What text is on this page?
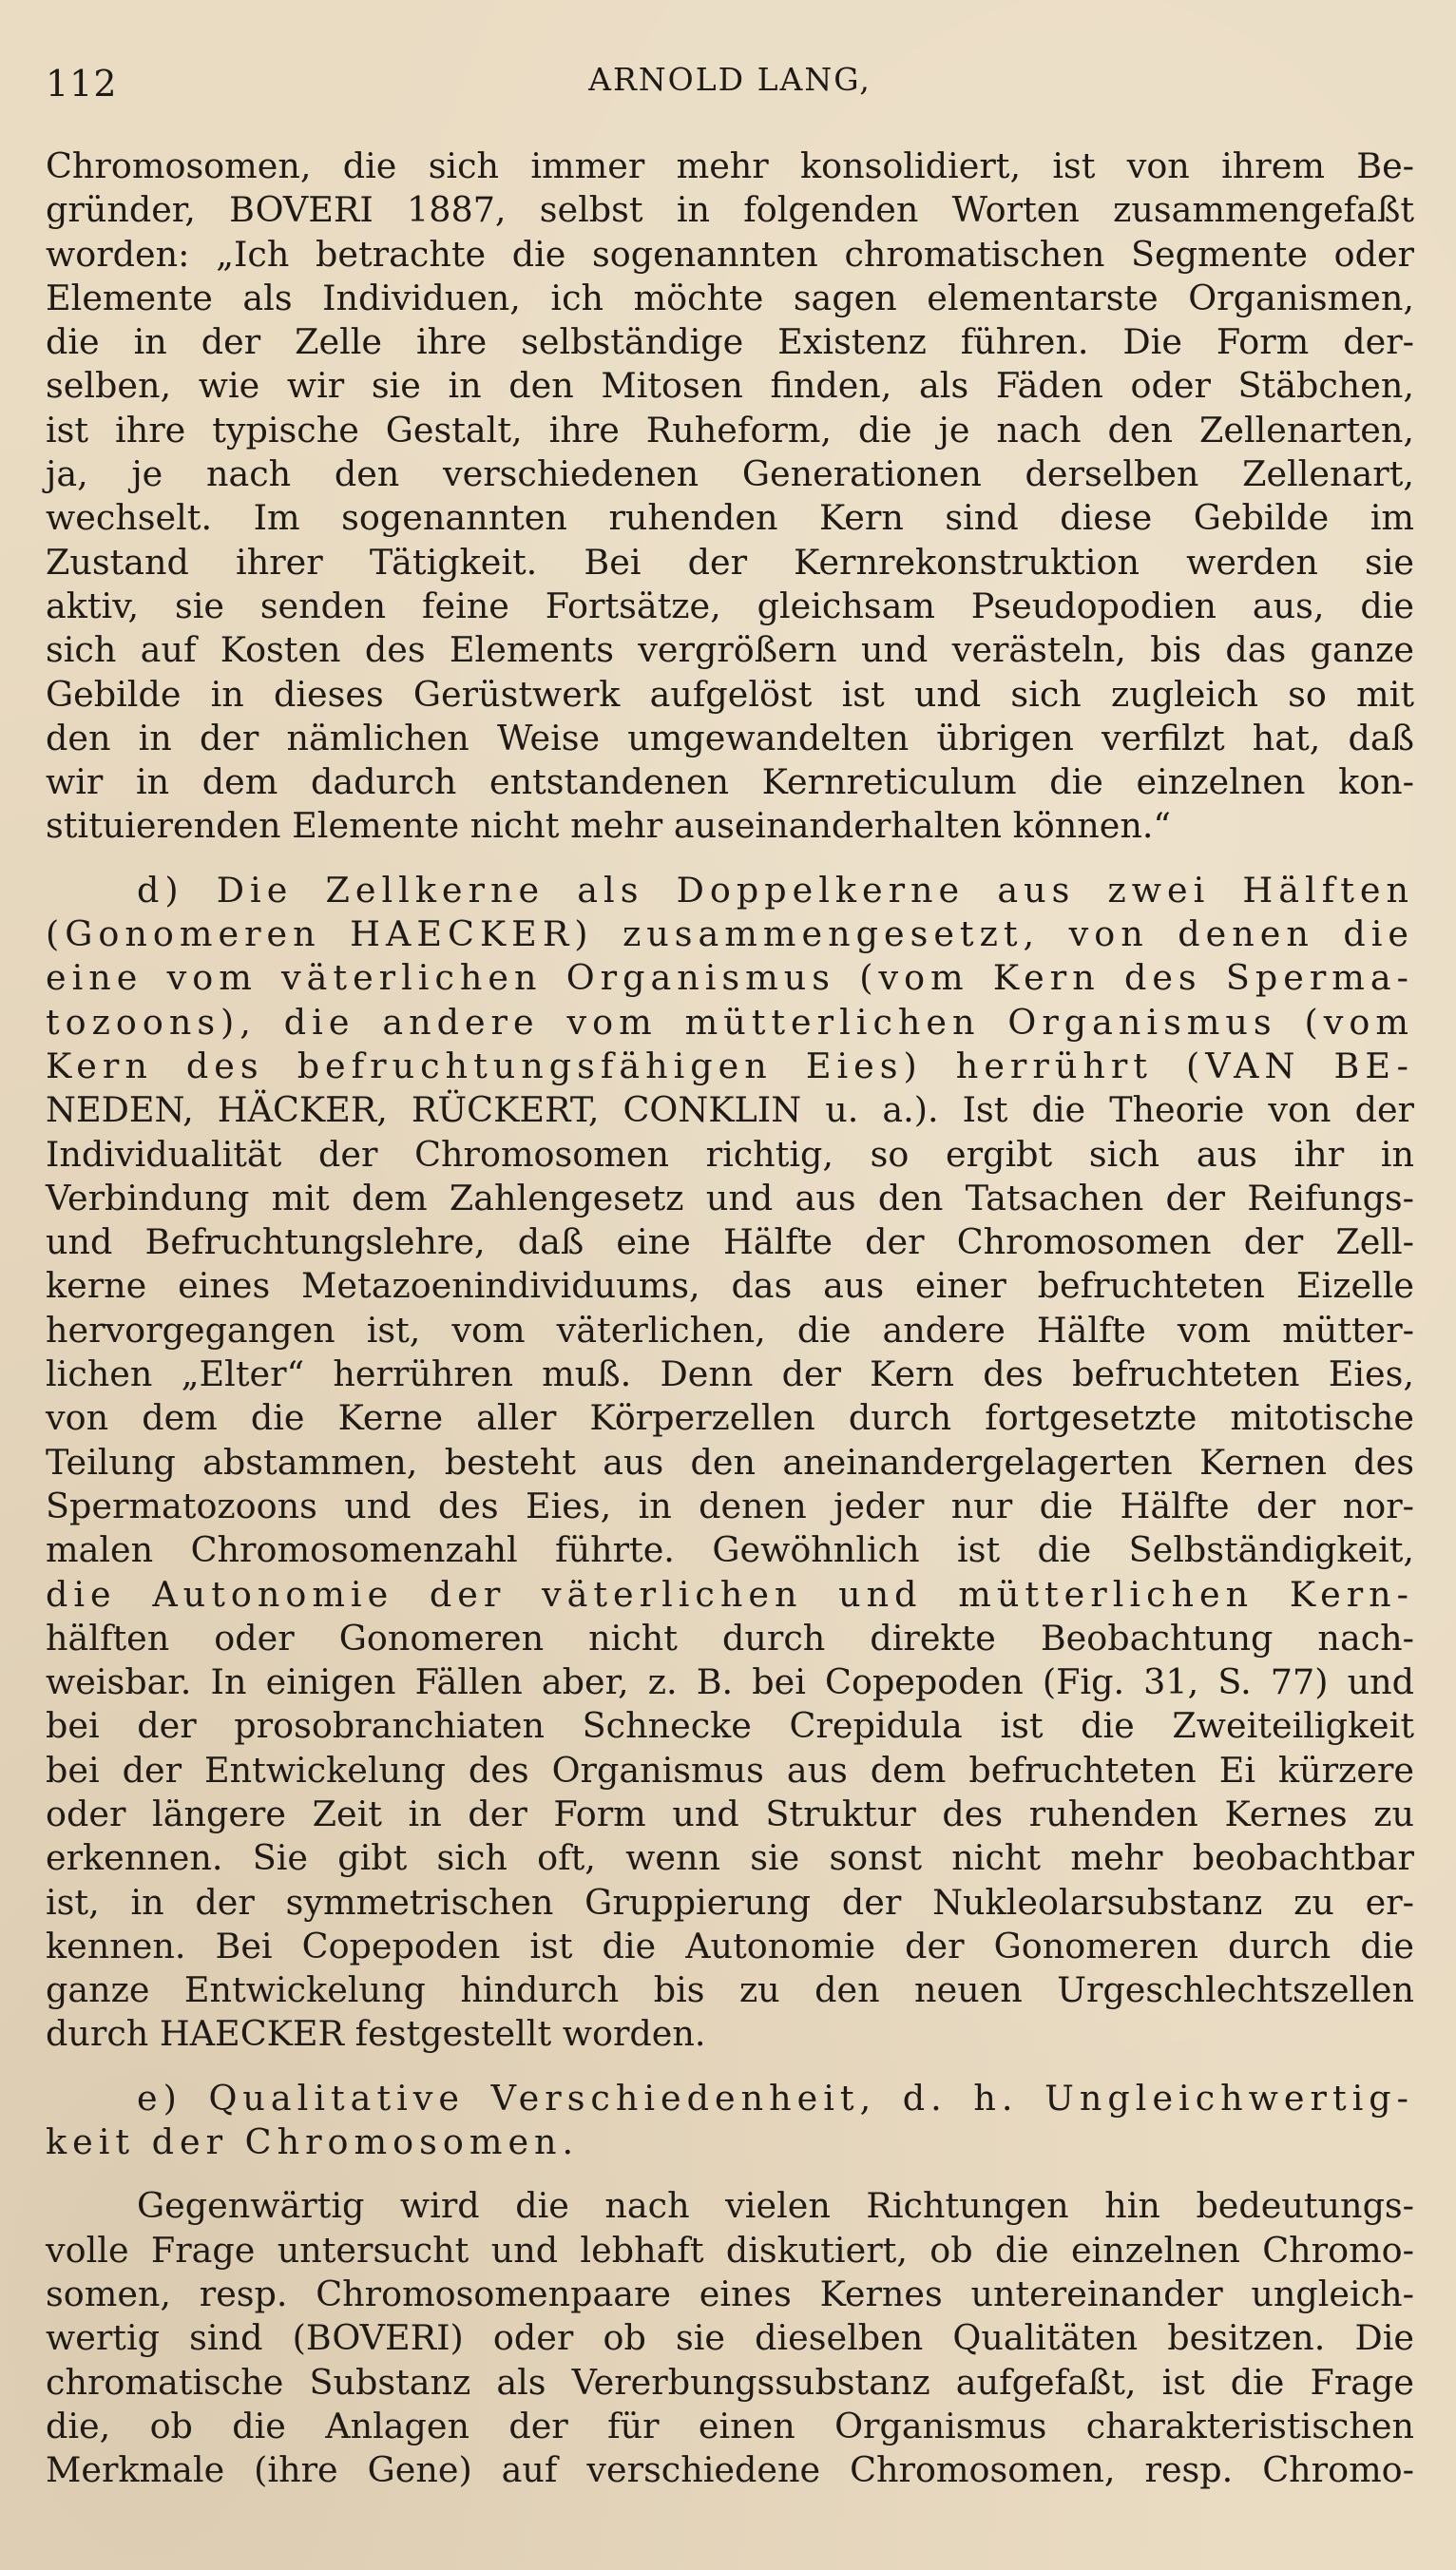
112	ARNOLD LANG,
Chromosomen, die sich immer mehr konsolidiert, ist von ihrem Be-
gründer, BOVERI 1887, selbst in folgenden Worten zusammengefaßt
worden: „Ich betrachte die sogenannten chromatischen Segmente oder
Elemente als Individuen, ich möchte sagen elementarste Organismen,
die in der Zelle ihre selbständige Existenz führen. Die Form der-
selben, wie wir sie in den Mitosen finden, als Fäden oder Stäbchen,
ist ihre typische Gestalt, ihre Ruheform, die je nach den Zellenarten,
ja, je nach den verschiedenen Generationen derselben Zellenart,
wechselt. Im sogenannten ruhenden Kern sind diese Gebilde im
Zustand ihrer Tätigkeit. Bei der Kernrekonstruktion werden sie
aktiv, sie senden feine Fortsätze, gleichsam Pseudopodien aus, die
sich auf Kosten des Elements vergrößern und verästeln, bis das ganze
Gebilde in dieses Gerüstwerk aufgelöst ist und sich zugleich so mit
den in der nämlichen Weise umgewandelten übrigen verfilzt hat, daß
wir in dem dadurch entstandenen Kernreticulum die einzelnen kon-
stituierenden Elemente nicht mehr auseinanderhalten können.“
d) Die Zellkerne als Doppelkerne aus zwei Hälften
(Gonomeren HAECKER) zusammengesetzt, von denen die
eine vom väterlichen Organismus (vom Kern des Sperma-
tozoons), die andere vom mütterlichen Organismus (vom
Kern des befruchtungsfähigen Eies) herrührt (VAN BE-
NEDEN, HÄCKER, RÜCKERT, CONKLIN u. a.). Ist die Theorie von der
Individualität der Chromosomen richtig, so ergibt sich aus ihr in
Verbindung mit dem Zahlengesetz und aus den Tatsachen der Reifungs-
und Befruchtungslehre, daß eine Hälfte der Chromosomen der Zell-
kerne eines Metazoenindividuums, das aus einer befruchteten Eizelle
hervorgegangen ist, vom väterlichen, die andere Hälfte vom mütter-
lichen „Elter“ herrühren muß. Denn der Kern des befruchteten Eies,
von dem die Kerne aller Körperzellen durch fortgesetzte mitotische
Teilung abstammen, besteht aus den aneinandergelagerten Kernen des
Spermatozoons und des Eies, in denen jeder nur die Hälfte der nor-
malen Chromosomenzahl führte. Gewöhnlich ist die Selbständigkeit,
die Autonomie der väterlichen und mütterlichen Kern-
hälften oder Gonomeren nicht durch direkte Beobachtung nach-
weisbar. In einigen Fällen aber, z. B. bei Copepoden (Fig. 31, S. 77) und
bei der prosobranchiaten Schnecke Crepidula ist die Zweiteiligkeit
bei der Entwickelung des Organismus aus dem befruchteten Ei kürzere
oder längere Zeit in der Form und Struktur des ruhenden Kernes zu
erkennen. Sie gibt sich oft, wenn sie sonst nicht mehr beobachtbar
ist, in der symmetrischen Gruppierung der Nukleolarsubstanz zu er-
kennen. Bei Copepoden ist die Autonomie der Gonomeren durch die
ganze Entwickelung hindurch bis zu den neuen Urgeschlechtszellen
durch HAECKER festgestellt worden.
e) Qualitative Verschiedenheit, d. h. Ungleichwertig-
keit der Chromosomen.
Gegenwärtig wird die nach vielen Richtungen hin bedeutungs-
volle Frage untersucht und lebhaft diskutiert, ob die einzelnen Chromo-
somen, resp. Chromosomenpaare eines Kernes untereinander ungleich-
wertig sind (BOVERI) oder ob sie dieselben Qualitäten besitzen. Die
chromatische Substanz als Vererbungssubstanz aufgefaßt, ist die Frage
die, ob die Anlagen der für einen Organismus charakteristischen
Merkmale (ihre Gene) auf verschiedene Chromosomen, resp. Chromo-
